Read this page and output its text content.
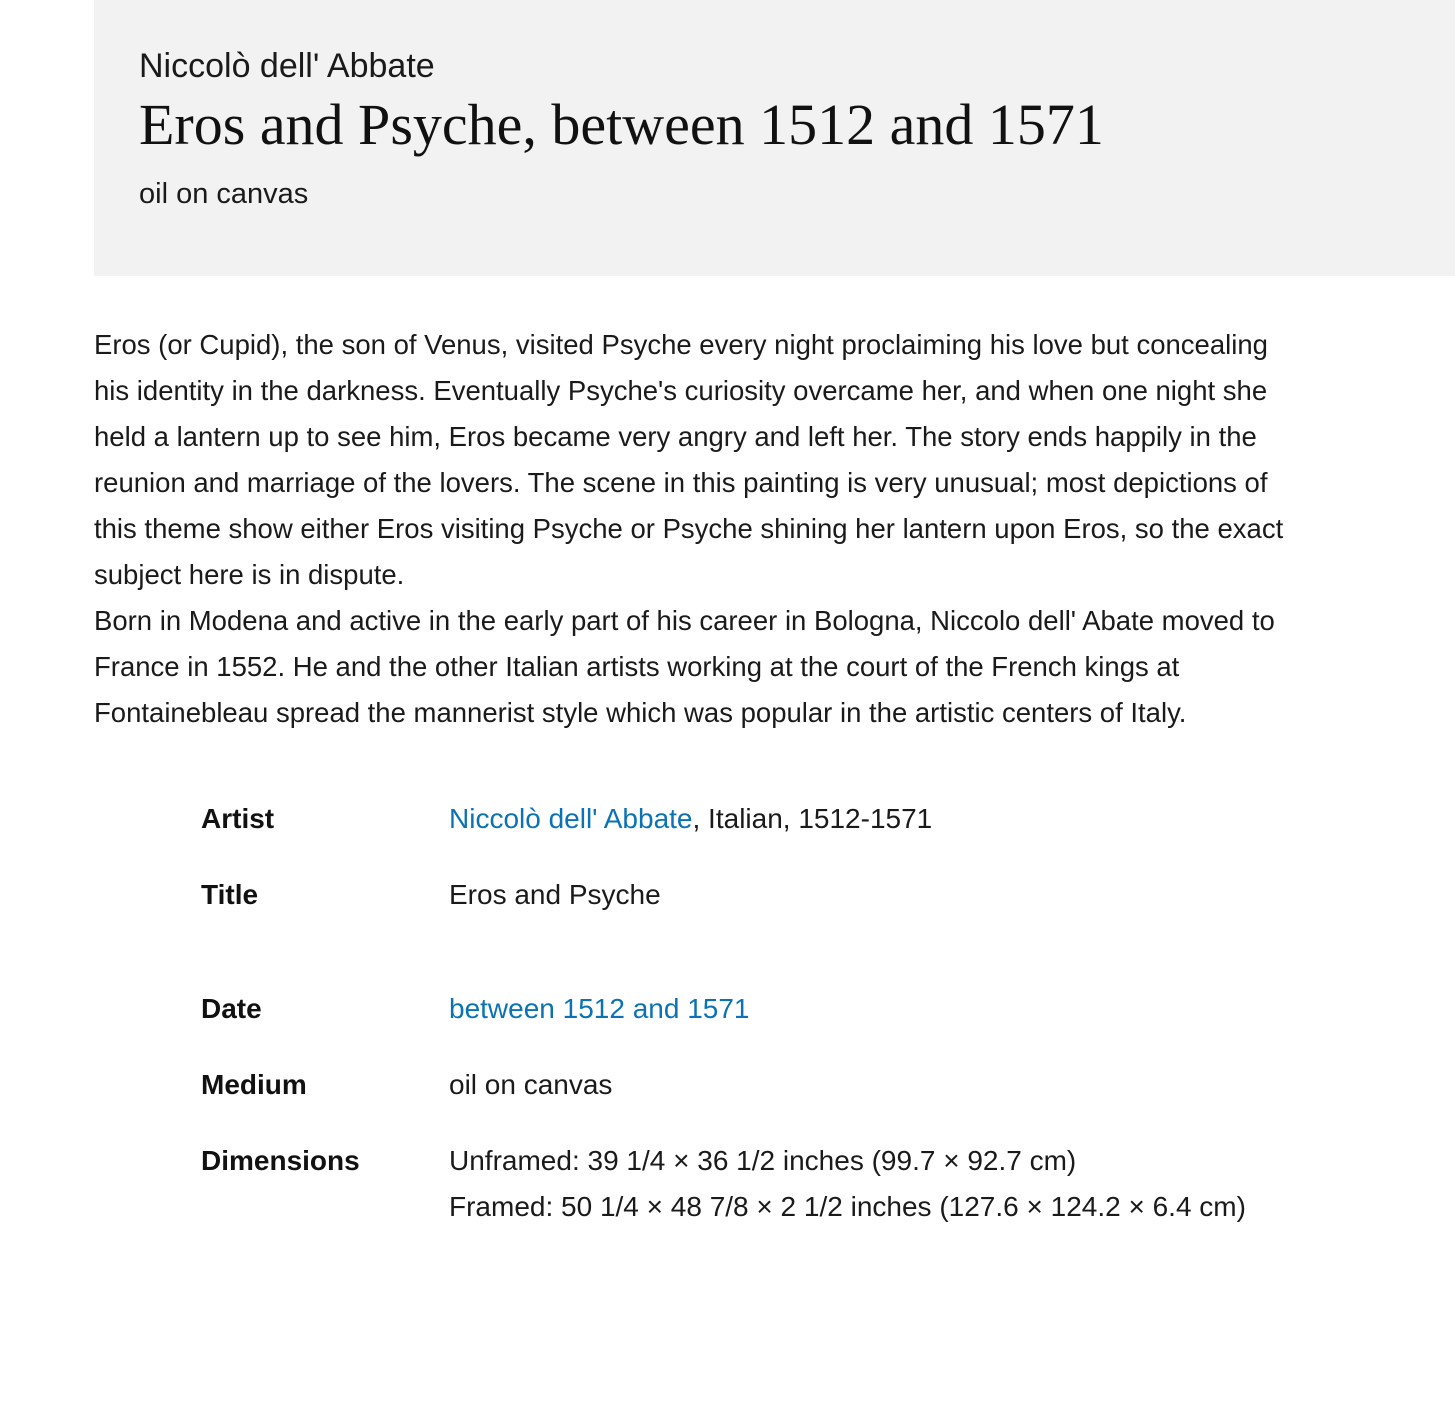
Niccolò dell' Abbate
Eros and Psyche, between 1512 and 1571

oil on canvas

Eros (or Cupid), the son of Venus, visited Psyche every night proclaiming his love but concealing his identity in the darkness. Eventually Psyche's curiosity overcame her, and when one night she held a lantern up to see him, Eros became very angry and left her. The story ends happily in the reunion and marriage of the lovers. The scene in this painting is very unusual; most depictions of this theme show either Eros visiting Psyche or Psyche shining her lantern upon Eros, so the exact subject here is in dispute.

Born in Modena and active in the early part of his career in Bologna, Niccolo dell' Abate moved to France in 1552. He and the other Italian artists working at the court of the French kings at Fontainebleau spread the mannerist style which was popular in the artistic centers of Italy.

Artist	Niccolò dell' Abbate, Italian, 1512-1571
Title	Eros and Psyche
Date	between 1512 and 1571
Medium	oil on canvas
Dimensions	Unframed: 39 1/4 × 36 1/2 inches (99.7 × 92.7 cm)
Framed: 50 1/4 × 48 7/8 × 2 1/2 inches (127.6 × 124.2 × 6.4 cm)
